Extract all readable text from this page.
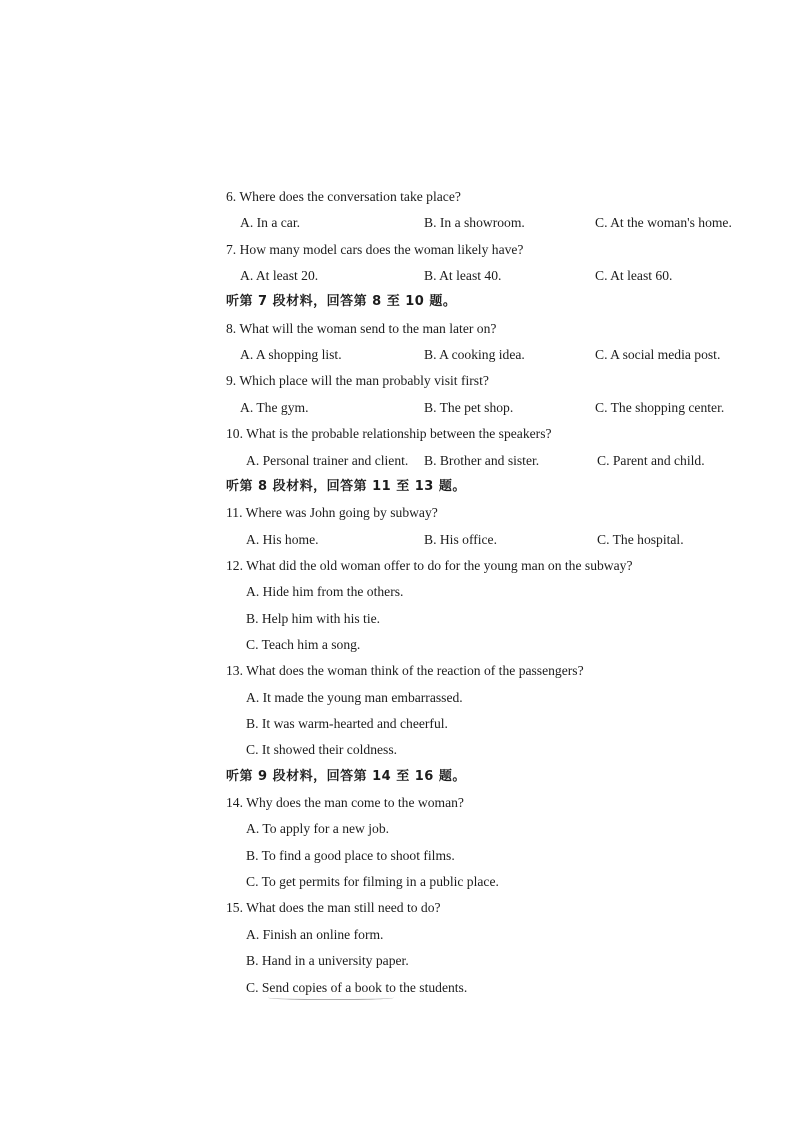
6. Where does the conversation take place?
A. In a car.	B. In a showroom.	C. At the woman's home.
7. How many model cars does the woman likely have?
A. At least 20.	B. At least 40.	C. At least 60.
听第 7 段材料，回答第 8 至 10 题。
8. What will the woman send to the man later on?
A. A shopping list.	B. A cooking idea.	C. A social media post.
9. Which place will the man probably visit first?
A. The gym.	B. The pet shop.	C. The shopping center.
10. What is the probable relationship between the speakers?
A. Personal trainer and client. B. Brother and sister.	C. Parent and child.
听第 8 段材料，回答第 11 至 13 题。
11. Where was John going by subway?
A. His home.	B. His office.	C. The hospital.
12. What did the old woman offer to do for the young man on the subway?
A. Hide him from the others.
B. Help him with his tie.
C. Teach him a song.
13. What does the woman think of the reaction of the passengers?
A. It made the young man embarrassed.
B. It was warm-hearted and cheerful.
C. It showed their coldness.
听第 9 段材料，回答第 14 至 16 题。
14. Why does the man come to the woman?
A. To apply for a new job.
B. To find a good place to shoot films.
C. To get permits for filming in a public place.
15. What does the man still need to do?
A. Finish an online form.
B. Hand in a university paper.
C. Send copies of a book to the students.
